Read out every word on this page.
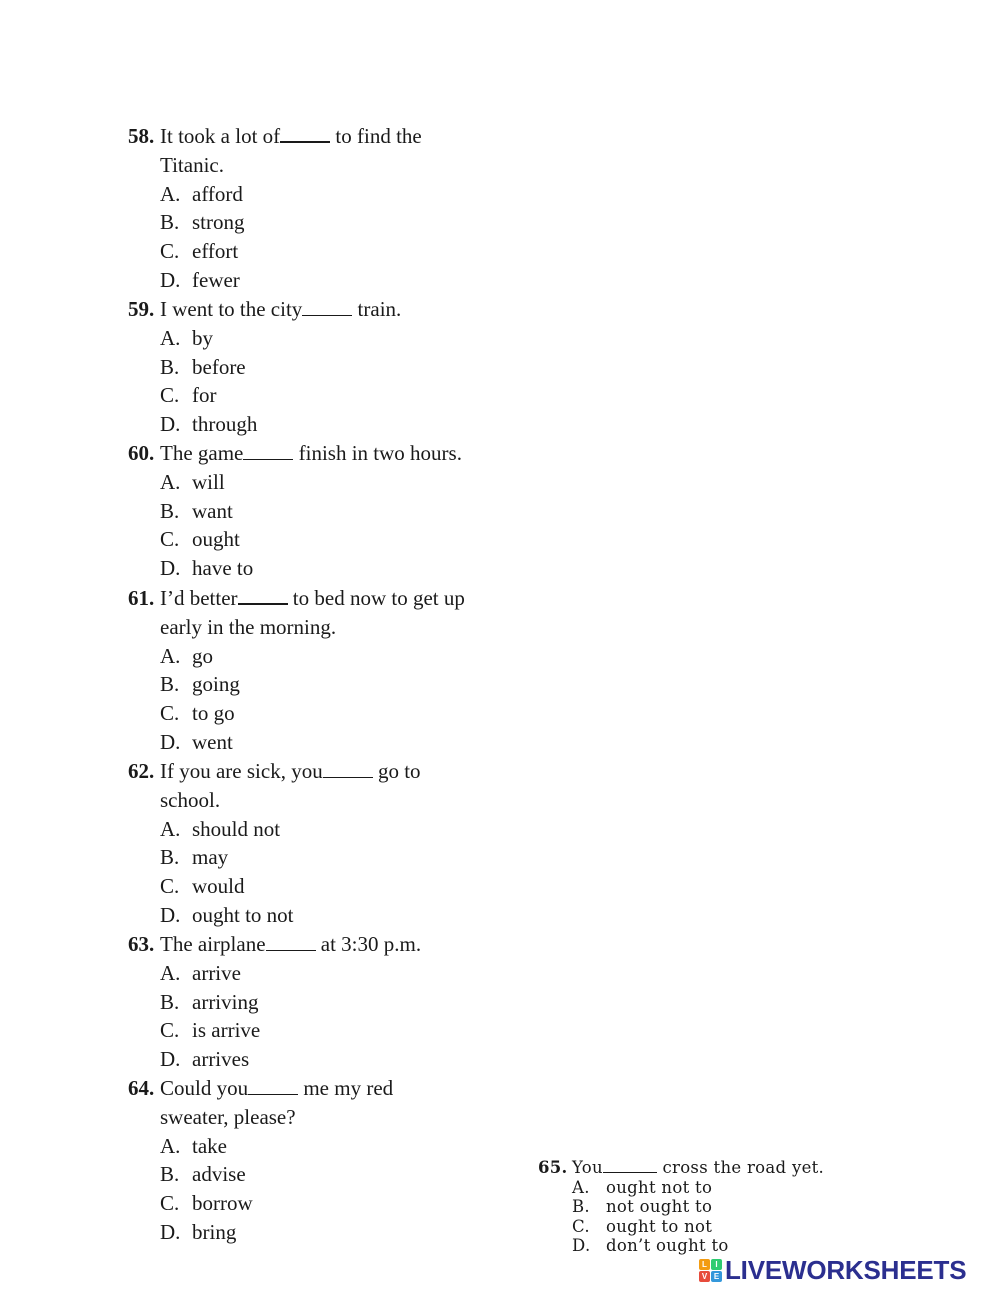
58. It took a lot of to find the
Titanic.
A. afford
B. strong
C. effort
D. fewer
59. I went to the city train.
A. by
B. before
C. for
D. through
60. The game finish in two hours.
A. will
B. want
C. ought
D. have to
61. I’d better to bed now to get up
early in the morning.
A. go
B. going
C. to go
D. went
62. If you are sick, you go to
school.
A. should not
B. may
C. would
D. ought to not
63. The airplane at 3:30 p.m.
A. arrive
B. arriving
C. is arrive
D. arrives
64. Could you me my red
sweater, please?
A. take
B. advise
C. borrow
D. bring
65. You	cross the road yet.
A. ought not to
B. not ought to
C. ought to not
D. don’t ought to
L	I
V E LIVEWORKSHEETS
